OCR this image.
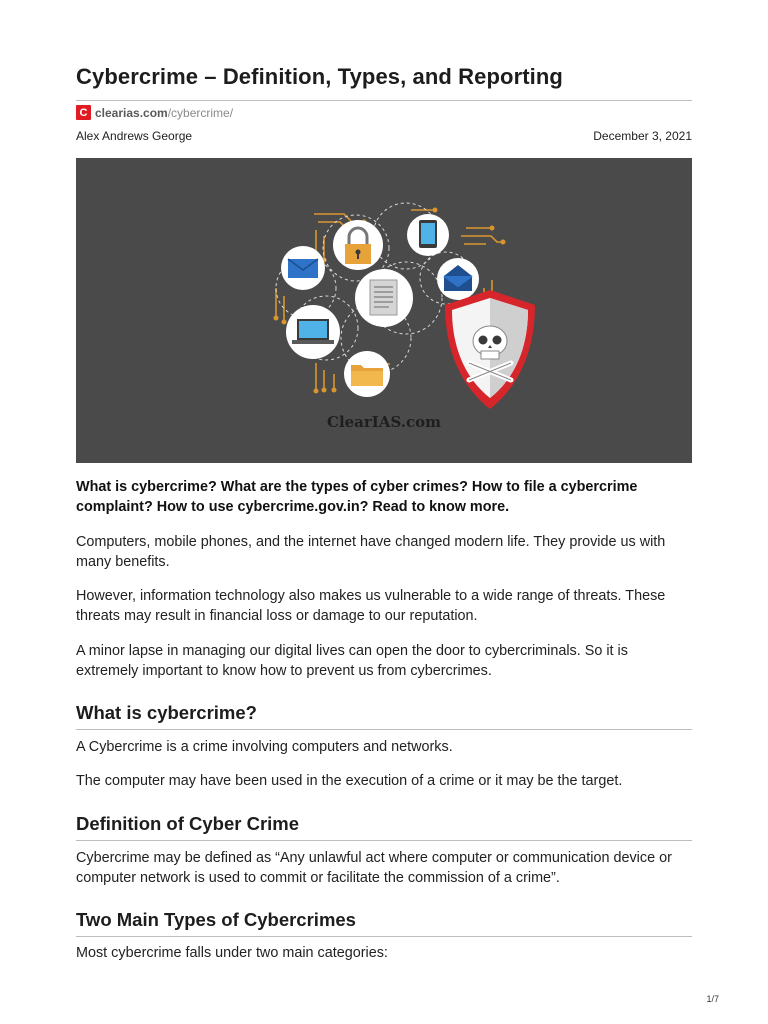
Cybercrime – Definition, Types, and Reporting
C clearias.com /cybercrime/
Alex Andrews George	December 3, 2021
ClearIAS.com

What is cybercrime? What are the types of cyber crimes? How to file a cybercrime complaint? How to use cybercrime.gov.in? Read to know more.

Computers, mobile phones, and the internet have changed modern life. They provide us with many benefits.

However, information technology also makes us vulnerable to a wide range of threats. These threats may result in financial loss or damage to our reputation.

A minor lapse in managing our digital lives can open the door to cybercriminals. So it is extremely important to know how to prevent us from cybercrimes.

What is cybercrime?

A Cybercrime is a crime involving computers and networks.

The computer may have been used in the execution of a crime or it may be the target.

Definition of Cyber Crime

Cybercrime may be defined as “Any unlawful act where computer or communication device or computer network is used to commit or facilitate the commission of a crime”.

Two Main Types of Cybercrimes

Most cybercrime falls under two main categories:

1/7
